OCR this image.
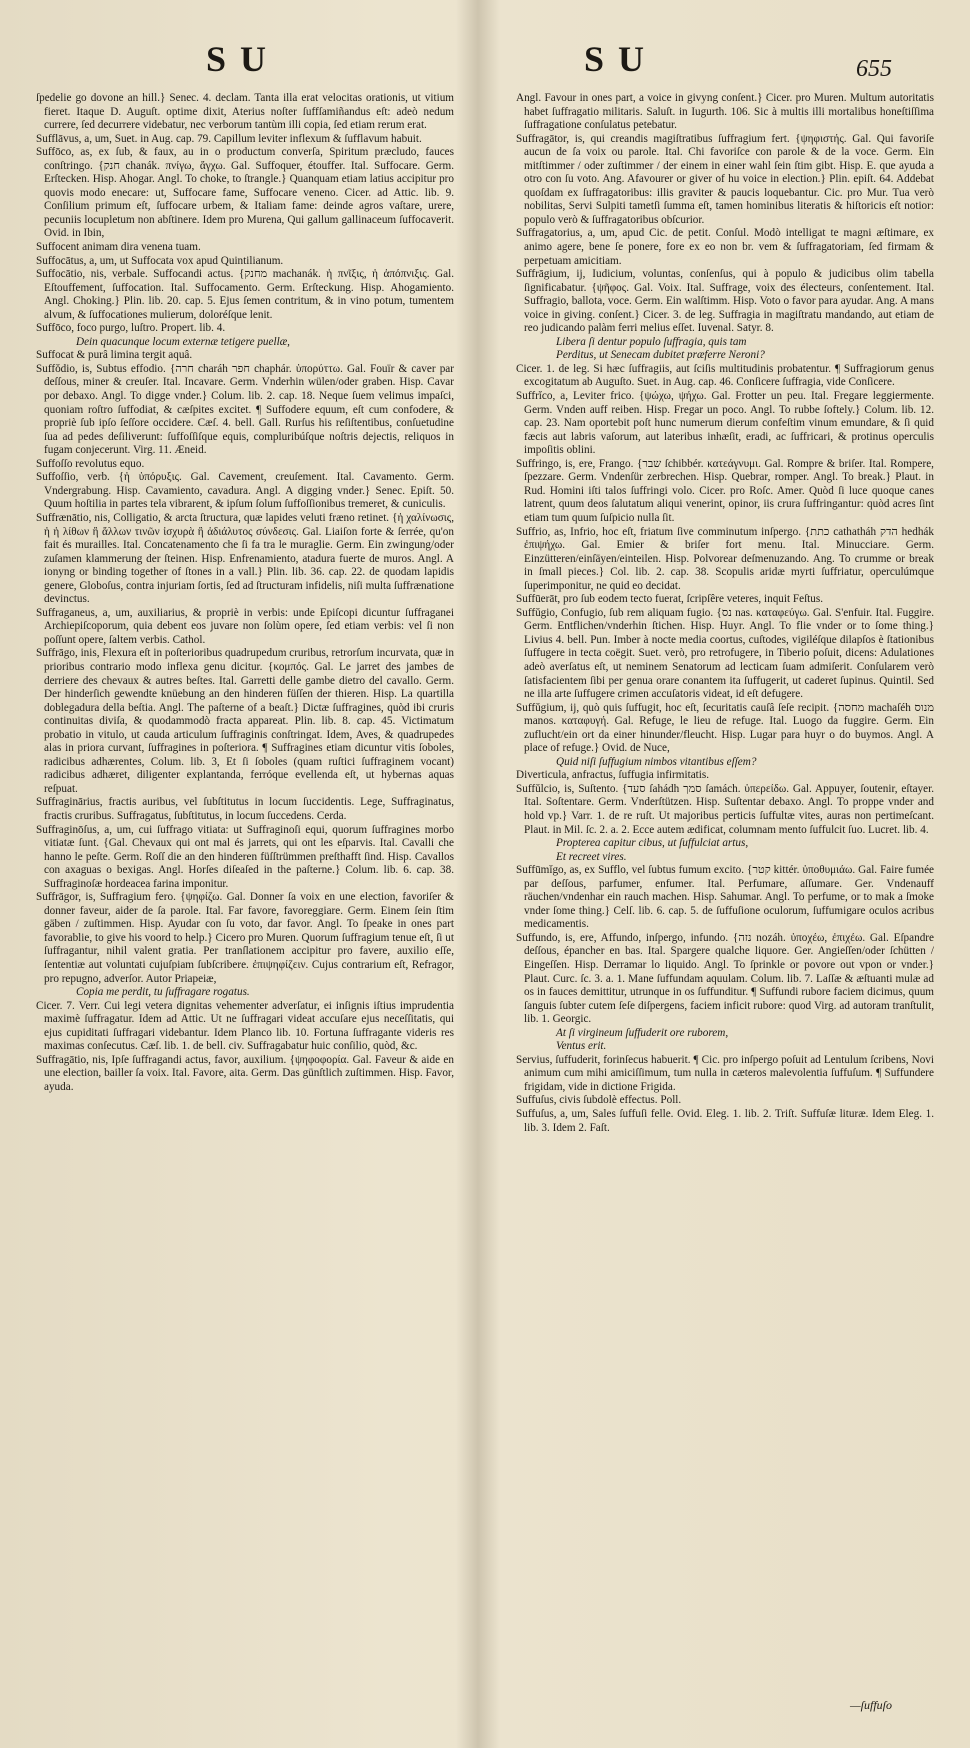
SU	SU	655
ſpedelie go dovone an hill.} Senec. 4. declam. Tanta illa erat velocitas orationis, ut vitium fieret. Itaque D. Auguſt. optime dixit, Aterius noſter ſuffſamiñandus eſt: adeò nedum currere, ſed decurrere videbatur, nec verborum tantùm illi copia, ſed etiam rerum erat.
Sufflāvus, a, um, Suet. in Aug. cap. 79. Capillum leviter inflexum & ſufflavum habuit.
Suffōco, as, ex ſub, & faux, au in o productum converſa, Spiritum præcludo, fauces conſtringo. {חנק chanák. πνίγω, ἄγχω. Gal. Suffoquer, étouffer. Ital. Suffocare. Germ. Erſtecken. Hisp. Ahogar. Angl. To choke, to ſtrangle.} Quanquam etiam latius accipitur pro quovis modo enecare: ut, Suffocare fame, Suffocare veneno. Cicer. ad Attic. lib. 9. Conſilium primum eſt, ſuffocare urbem, & Italiam fame: deinde agros vaſtare, urere, pecuniis locupletum non abſtinere. Idem pro Murena, Qui gallum gallinaceum ſuffocaverit. Ovid. in Ibin,
Suffocent animam dira venena tuam.
Suffocātus, a, um, ut Suffocata vox apud Quintilianum.
Suffocātio, nis, verbale. Suffocandi actus. {מחנק machanák. ἡ πνῖξις, ἡ ἀπόπνιξις. Gal. Eſtouffement, ſuffocation. Ital. Suffocamento. Germ. Erſteckung. Hisp. Ahogamiento. Angl. Choking.} Plin. lib. 20. cap. 5. Ejus ſemen contritum, & in vino potum, tumentem alvum, & ſuffocationes mulierum, doloréſque lenit.
Suffōco, foco purgo, luſtro. Propert. lib. 4.
Dein quacunque locum externæ tetigere puellæ,
Suffocat & purâ limina tergit aquâ.
Suffŏdio, is, Subtus effodio. {חרה charáh חפר chaphár. ὑπορύττω. Gal. Fouïr & caver par deſſous, miner & creuſer. Ital. Incavare. Germ. Vnderhin wülen/oder graben. Hisp. Cavar por debaxo. Angl. To digge vnder.} Colum. lib. 2. cap. 18. Neque ſuem velimus impaſci, quoniam roſtro ſuffodiat, & cæſpites excitet. ¶ Suffodere equum, eſt cum confodere, & propriè ſub ipſo ſeſſore occidere. Cæſ. 4. bell. Gall. Rurſus his reſiſtentibus, conſuetudine ſua ad pedes deſiliverunt: ſuffoſſiſque equis, compluribúſque noſtris dejectis, reliquos in fugam conjecerunt. Virg. 11. Æneid.
Suffoſſo revolutus equo.
Suffoſſio, verb. {ἡ ὑπόρυξις. Gal. Cavement, creuſement. Ital. Cavamento. Germ. Vndergrabung. Hisp. Cavamiento, cavadura. Angl. A digging vnder.} Senec. Epiſt. 50. Quum hoſtilia in partes tela vibrarent, & ipſum ſolum ſuffoſſionibus tremeret, & cuniculis.
Suffrænātio, nis, Colligatio, & arcta ſtructura, quæ lapides veluti fræno retinet. {ἡ χαλίνωσις, ἡ ἡ λίθων ἢ ἄλλων τινῶν ἰσχυρὰ ἢ ἀδιάλυτος σύνδεσις. Gal. Liaiſon forte & ſerrée, qu'on fait és murailles. Ital. Concatenamento che ſi fa tra le muraglie. Germ. Ein zwingung/oder zuſamen klammerung der ſteinen. Hisp. Enfrenamiento, atadura fuerte de muros. Angl. A ionyng or binding together of ſtones in a vall.} Plin. lib. 36. cap. 22. de quodam lapidis genere, Globoſus, contra injuriam ſortis, ſed ad ſtructuram infidelis, niſi multa ſuffrænatione devinctus.
Suffraganeus, a, um, auxiliarius, & propriè in verbis: unde Epiſcopi dicuntur ſuffraganei Archiepiſcoporum, quia debent eos juvare non ſolùm opere, ſed etiam verbis: vel ſi non poſſunt opere, ſaltem verbis. Cathol.
Suffrāgo, inis, Flexura eſt in poſterioribus quadrupedum cruribus, retrorſum incurvata, quæ in prioribus contrario modo inflexa genu dicitur. {κομπός. Gal. Le jarret des jambes de derriere des chevaux & autres beſtes. Ital. Garretti delle gambe dietro del cavallo. Germ. Der hinderſich gewendte knüebung an den hinderen füſſen der thieren. Hisp. La quartilla doblegadura della beſtia. Angl. The paſterne of a beaſt.} Dictæ ſuffragines, quòd ibi cruris continuitas diviſa, & quodammodò fracta appareat. Plin. lib. 8. cap. 45. Victimatum probatio in vitulo, ut cauda articulum ſuffraginis conſtringat. Idem, Aves, & quadrupedes alas in priora curvant, ſuffragines in poſteriora. ¶ Suffragines etiam dicuntur vitis ſoboles, radicibus adhærentes, Colum. lib. 3, Et ſi ſoboles (quam ruſtici ſuffraginem vocant) radicibus adhæret, diligenter explantanda, ferróque evellenda eſt, ut hybernas aquas reſpuat.
Suffraginārius, fractis auribus, vel ſubſtitutus in locum ſuccidentis. Lege, Suffraginatus, fractis cruribus. Suffragatus, ſubſtitutus, in locum ſuccedens. Cerda.
Suffraginōſus, a, um, cui ſuffrago vitiata: ut Suffraginoſi equi, quorum ſuffragines morbo vitiatæ ſunt. {Gal. Chevaux qui ont mal és jarrets, qui ont les eſparvis. Ital. Cavalli che hanno le peſte. Germ. Roſſ die an den hinderen füſſtrümmen preſthafft ſind. Hisp. Cavallos con axaguas o bexigas. Angl. Horſes diſeaſed in the paſterne.} Colum. lib. 6. cap. 38. Suffraginoſæ hordeacea farina imponitur.
Suffrāgor, is, Suffragium fero. {ψηφίζω. Gal. Donner ſa voix en une election, favoriſer & donner faveur, aider de ſa parole. Ital. Far favore, favoreggiare. Germ. Einem ſein ſtim gäben / zuſtimmen. Hisp. Ayudar con ſu voto, dar favor. Angl. To ſpeake in ones part favorablie, to give his voord to help.} Cicero pro Muren. Quorum ſuffragium tenue eſt, ſi ut ſuffragantur, nihil valent gratia. Per tranſlationem accipitur pro favere, auxilio eſſe, ſententiæ aut voluntati cujuſpiam ſubſcribere. ἐπιψηφίζειν. Cujus contrarium eſt, Refragor, pro repugno, adverſor. Autor Priapeiæ,
Copia me perdit, tu ſuffragare rogatus.
Cicer. 7. Verr. Cui legi vetera dignitas vehementer adverſatur, ei inſignis iſtius imprudentia maximè ſuffragatur. Idem ad Attic. Ut ne ſuffragari videat accuſare ejus neceſſitatis, qui ejus cupiditati ſuffragari videbantur. Idem Planco lib. 10. Fortuna ſuffragante videris res maximas conſecutus. Cæſ. lib. 1. de bell. civ. Suffragabatur huic conſilio, quòd, &c.
Suffragātio, nis, Ipſe ſuffragandi actus, favor, auxilium. {ψηφοφορία. Gal. Faveur & aide en une election, bailler ſa voix. Ital. Favore, aita. Germ. Das günſtlich zuſtimmen. Hisp. Favor, ayuda.
Angl. Favour in ones part, a voice in givyng conſent.} Cicer. pro Muren. Multum autoritatis habet ſuffragatio militaris. Saluſt. in Iugurth. 106. Sic à multis illi mortalibus honeſtiſſima ſuffragatione conſulatus petebatur.
Suffragātor, is, qui creandis magiſtratibus ſuffragium fert. {ψηφιστής. Gal. Qui favoriſe aucun de ſa voix ou parole. Ital. Chi favoriſce con parole & de la voce. Germ. Ein mitſtimmer / oder zuſtimmer / der einem in einer wahl ſein ſtim gibt. Hisp. E. que ayuda a otro con ſu voto. Ang. Afavourer or giver of hu voice in election.} Plin. epiſt. 64. Addebat quoſdam ex ſuffragatoribus: illis graviter & paucis loquebantur. Cic. pro Mur. Tua verò nobilitas, Servi Sulpiti tametſi ſumma eſt, tamen hominibus literatis & hiſtoricis eſt notior: populo verò & ſuffragatoribus obſcurior.
Suffragatorius, a, um, apud Cic. de petit. Conſul. Modò intelligat te magni æſtimare, ex animo agere, bene ſe ponere, fore ex eo non br. vem & ſuffragatoriam, ſed firmam & perpetuam amicitiam.
Suffrāgium, ij, Iudicium, voluntas, conſenſus, qui à populo & judicibus olim tabella ſignificabatur. {ψῆφος. Gal. Voix. Ital. Suffrage, voix des électeurs, conſentement. Ital. Suffragio, ballota, voce. Germ. Ein walſtimm. Hisp. Voto o favor para ayudar. Ang. A mans voice in giving. conſent.} Cicer. 3. de leg. Suffragia in magiſtratu mandando, aut etiam de reo judicando palàm ferri melius eſſet. Iuvenal. Satyr. 8.
Libera ſi dentur populo ſuffragia, quis tam
Perditus, ut Senecam dubitet præferre Neroni?
Cicer. 1. de leg. Si hæc ſuffragiis, aut ſciſis multitudinis probatentur. ¶ Suffragiorum genus excogitatum ab Auguſto. Suet. in Aug. cap. 46. Conſicere ſuffragia, vide Conſicere.
Suffrĭco, a, Leviter frico. {ψώχω, ψήχω. Gal. Frotter un peu. Ital. Fregare leggiermente. Germ. Vnden auff reiben. Hisp. Fregar un poco. Angl. To rubbe ſoftely.} Colum. lib. 12. cap. 23. Nam oportebit poſt hunc numerum dierum confeſtim vinum emundare, & ſi quid fæcis aut labris vaſorum, aut lateribus inhæſit, eradi, ac ſuffricari, & protinus operculis impoſitis oblini.
Suffringo, is, ere, Frango. {שבר ſchibbér. κατεάγνυμι. Gal. Rompre & briſer. Ital. Rompere, ſpezzare. Germ. Vndenſür zerbrechen. Hisp. Quebrar, romper. Angl. To break.} Plaut. in Rud. Homini iſti talos ſuffringi volo. Cicer. pro Roſc. Amer. Quòd ſi luce quoque canes latrent, quum deos ſalutatum aliqui venerint, opinor, iis crura ſuffringantur: quòd acres ſint etiam tum quum ſuſpicio nulla ſit.
Suffrio, as, Infrio, hoc eſt, friatum ſive comminutum inſpergo. {כתת cathatháh הדק hedhák ἐπιψήχω. Gal. Emier & briſer fort menu. Ital. Minucciare. Germ. Einzütteren/einſäyen/einteilen. Hisp. Polvorear deſmenuzando. Ang. To crumme or break in ſmall pieces.} Col. lib. 2. cap. 38. Scopulis aridæ myrti ſuffriatur, operculúmque ſuperimponitur, ne quid eo decidat.
Suffūerāt, pro ſub eodem tecto fuerat, ſcripſêre veteres, inquit Feſtus.
Suffŭgio, Confugio, ſub rem aliquam fugio. {נס nas. καταφεύγω. Gal. S'enfuir. Ital. Fuggire. Germ. Entflichen/vnderhin ſtichen. Hisp. Huyr. Angl. To flie vnder or to ſome thing.} Livius 4. bell. Pun. Imber à nocte media coortus, cuſtodes, vigiléſque dilapſos è ſtationibus ſuffugere in tecta coëgit. Suet. verò, pro retrofugere, in Tiberio poſuit, dicens: Adulationes adeò averſatus eſt, ut neminem Senatorum ad lecticam ſuam admiſerit. Conſularem verò ſatisfacientem ſibi per genua orare conantem ita ſuffugerit, ut caderet ſupinus. Quintil. Sed ne illa arte ſuffugere crimen accuſatoris videat, id eſt defugere.
Suffŭgium, ij, quò quis ſuffugit, hoc eſt, ſecuritatis cauſâ ſeſe recipit. {מחסה machaſéh מנוס manos. καταφυγή. Gal. Refuge, le lieu de refuge. Ital. Luogo da fuggire. Germ. Ein zuflucht/ein ort da einer hinunder/fleucht. Hisp. Lugar para huyr o do buymos. Angl. A place of refuge.} Ovid. de Nuce,
Quid niſi ſuffugium nimbos vitantibus eſſem?
Diverticula, anfractus, ſuffugia infirmitatis.
Suffŭlcio, is, Suſtento. {סעד ſahádh סמך ſamách. ὑπερείδω. Gal. Appuyer, ſoutenir, eſtayer. Ital. Soſtentare. Germ. Vnderſtützen. Hisp. Suſtentar debaxo. Angl. To proppe vnder and hold vp.} Varr. 1. de re ruſt. Ut majoribus perticis ſuffultæ vites, auras non pertimeſcant. Plaut. in Mil. ſc. 2. a. 2. Ecce autem ædificat, columnam mento ſuffulcit ſuo. Lucret. lib. 4.
Propterea capitur cibus, ut ſuffulciat artus,
Et recreet vires.
Suffūmĭgo, as, ex Sufflo, vel ſubtus fumum excito. {קטר kittér. ὑποθυμιάω. Gal. Faire fumée par deſſous, parfumer, enfumer. Ital. Perfumare, aſſumare. Ger. Vndenauff räuchen/vndenhar ein rauch machen. Hisp. Sahumar. Angl. To perfume, or to mak a ſmoke vnder ſome thing.} Celſ. lib. 6. cap. 5. de ſuffuſione oculorum, ſuffumigare oculos acribus medicamentis.
Suffundo, is, ere, Affundo, inſpergo, infundo. {נזה nozáh. ὑποχέω, ἐπιχέω. Gal. Eſpandre deſſous, épancher en bas. Ital. Spargere qualche liquore. Ger. Angieſſen/oder ſchütten / Eingeſſen. Hisp. Derramar lo liquido. Angl. To ſprinkle or povore out vpon or vnder.} Plaut. Curc. ſc. 3. a. 1. Mane ſuffundam aquulam. Colum. lib. 7. Laſſæ & æſtuanti mulæ ad os in fauces demittitur, utrunque in os ſuffunditur. ¶ Suffundi rubore faciem dicimus, quum ſanguis ſubter cutem ſeſe diſpergens, faciem inficit rubore: quod Virg. ad autoram tranſtulit, lib. 1. Georgic.
At ſi virgineum ſuffuderit ore ruborem,
Ventus erit.
Servius, ſuffuderit, forinſecus habuerit. ¶ Cic. pro inſpergo poſuit ad Lentulum ſcribens, Novi animum cum mihi amiciſſimum, tum nulla in cæteros malevolentia ſuffuſum. ¶ Suffundere frigidam, vide in dictione Frigida.
Suffuſus, civis ſubdolè effectus. Poll.
Suffuſus, a, um, Sales ſuffuſi felle. Ovid. Eleg. 1. lib. 2. Triſt. Suffuſæ lituræ. Idem Eleg. 1. lib. 3. Idem 2. Faſt.
—ſuffuſo
